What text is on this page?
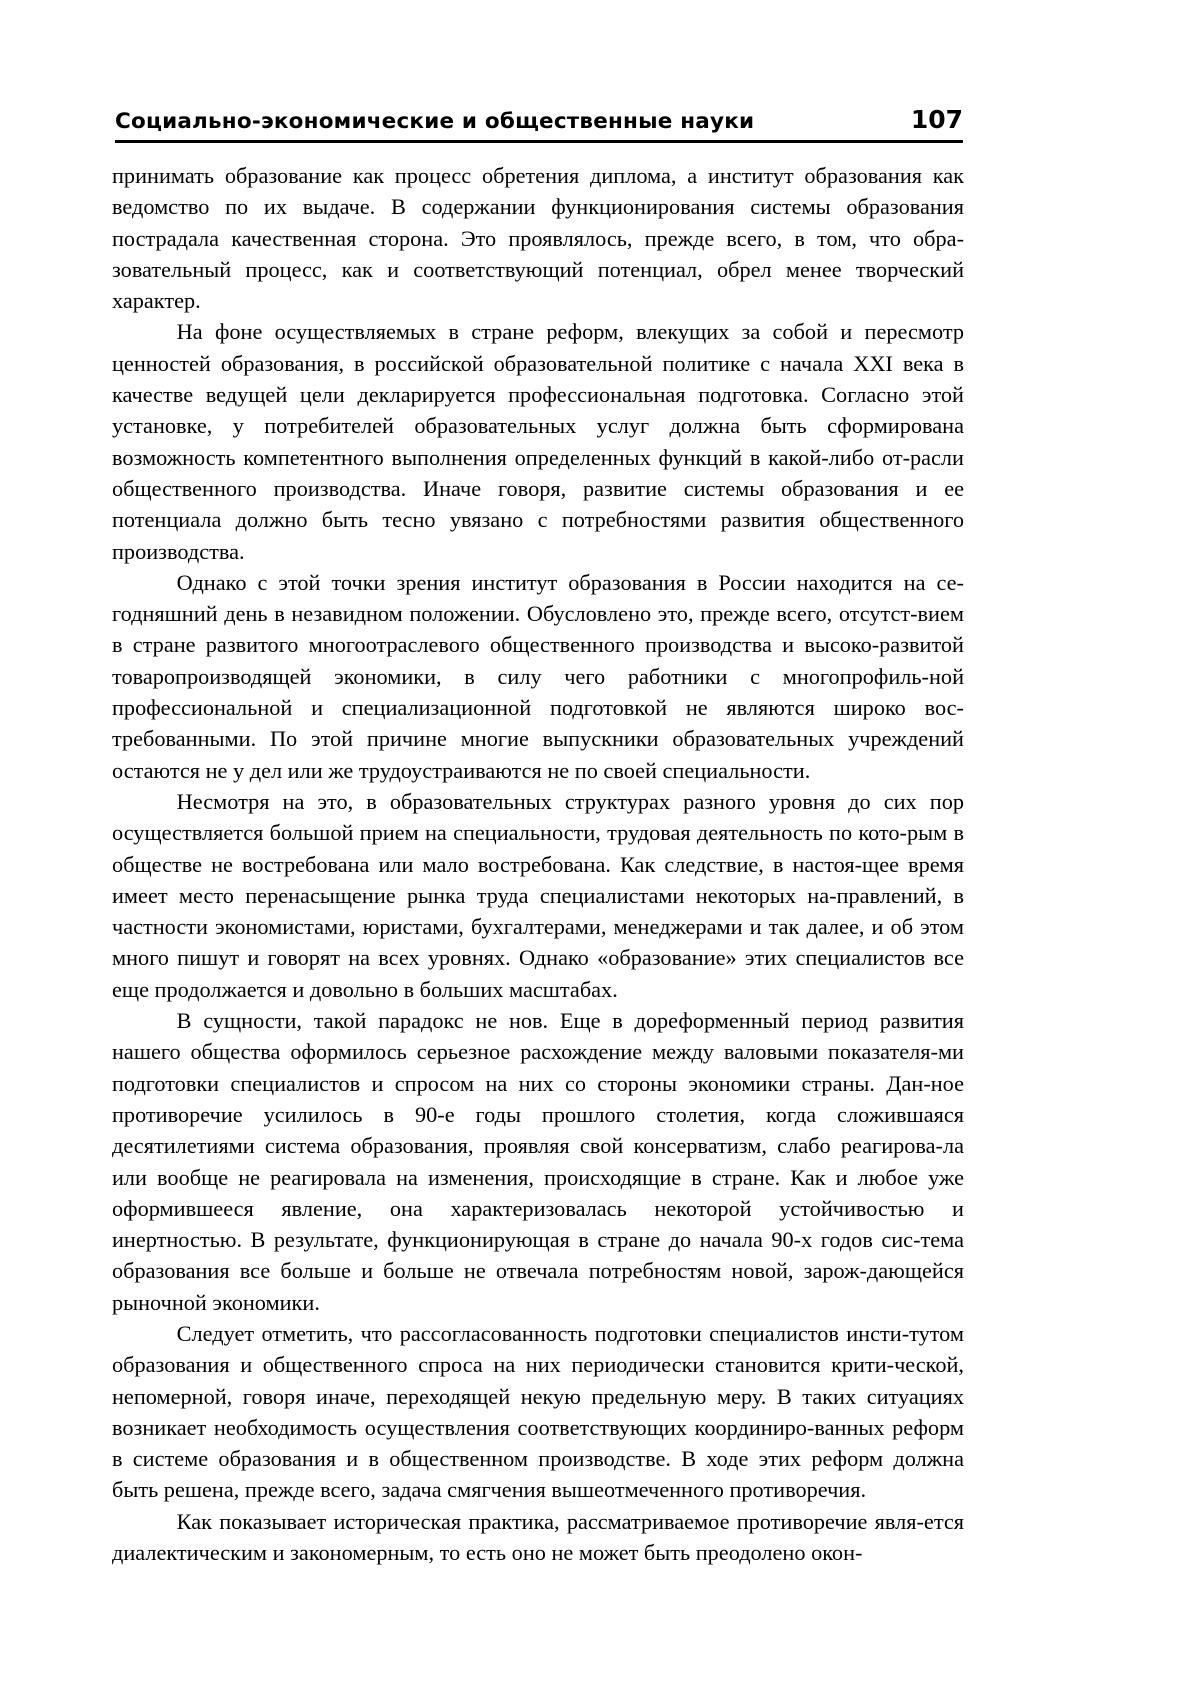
Социально-экономические и общественные науки	107

принимать образование как процесс обретения диплома, а институт образования как ведомство по их выдаче. В содержании функционирования системы образования пострадала качественная сторона. Это проявлялось, прежде всего, в том, что обра-зовательный процесс, как и соответствующий потенциал, обрел менее творческий характер.

На фоне осуществляемых в стране реформ, влекущих за собой и пересмотр ценностей образования, в российской образовательной политике с начала XXI века в качестве ведущей цели декларируется профессиональная подготовка. Согласно этой установке, у потребителей образовательных услуг должна быть сформирована возможность компетентного выполнения определенных функций в какой-либо от-расли общественного производства. Иначе говоря, развитие системы образования и ее потенциала должно быть тесно увязано с потребностями развития общественного производства.

Однако с этой точки зрения институт образования в России находится на се-годняшний день в незавидном положении. Обусловлено это, прежде всего, отсутст-вием в стране развитого многоотраслевого общественного производства и высоко-развитой товаропроизводящей экономики, в силу чего работники с многопрофиль-ной профессиональной и специализационной подготовкой не являются широко вос-требованными. По этой причине многие выпускники образовательных учреждений остаются не у дел или же трудоустраиваются не по своей специальности.

Несмотря на это, в образовательных структурах разного уровня до сих пор осуществляется большой прием на специальности, трудовая деятельность по кото-рым в обществе не востребована или мало востребована. Как следствие, в настоя-щее время имеет место перенасыщение рынка труда специалистами некоторых на-правлений, в частности экономистами, юристами, бухгалтерами, менеджерами и так далее, и об этом много пишут и говорят на всех уровнях. Однако «образование» этих специалистов все еще продолжается и довольно в больших масштабах.

В сущности, такой парадокс не нов. Еще в дореформенный период развития нашего общества оформилось серьезное расхождение между валовыми показателя-ми подготовки специалистов и спросом на них со стороны экономики страны. Дан-ное противоречие усилилось в 90-е годы прошлого столетия, когда сложившаяся десятилетиями система образования, проявляя свой консерватизм, слабо реагирова-ла или вообще не реагировала на изменения, происходящие в стране. Как и любое уже оформившееся явление, она характеризовалась некоторой устойчивостью и инертностью. В результате, функционирующая в стране до начала 90-х годов сис-тема образования все больше и больше не отвечала потребностям новой, зарож-дающейся рыночной экономики.

Следует отметить, что рассогласованность подготовки специалистов инсти-тутом образования и общественного спроса на них периодически становится крити-ческой, непомерной, говоря иначе, переходящей некую предельную меру. В таких ситуациях возникает необходимость осуществления соответствующих координиро-ванных реформ в системе образования и в общественном производстве. В ходе этих реформ должна быть решена, прежде всего, задача смягчения вышеотмеченного противоречия.

Как показывает историческая практика, рассматриваемое противоречие явля-ется диалектическим и закономерным, то есть оно не может быть преодолено окон-
